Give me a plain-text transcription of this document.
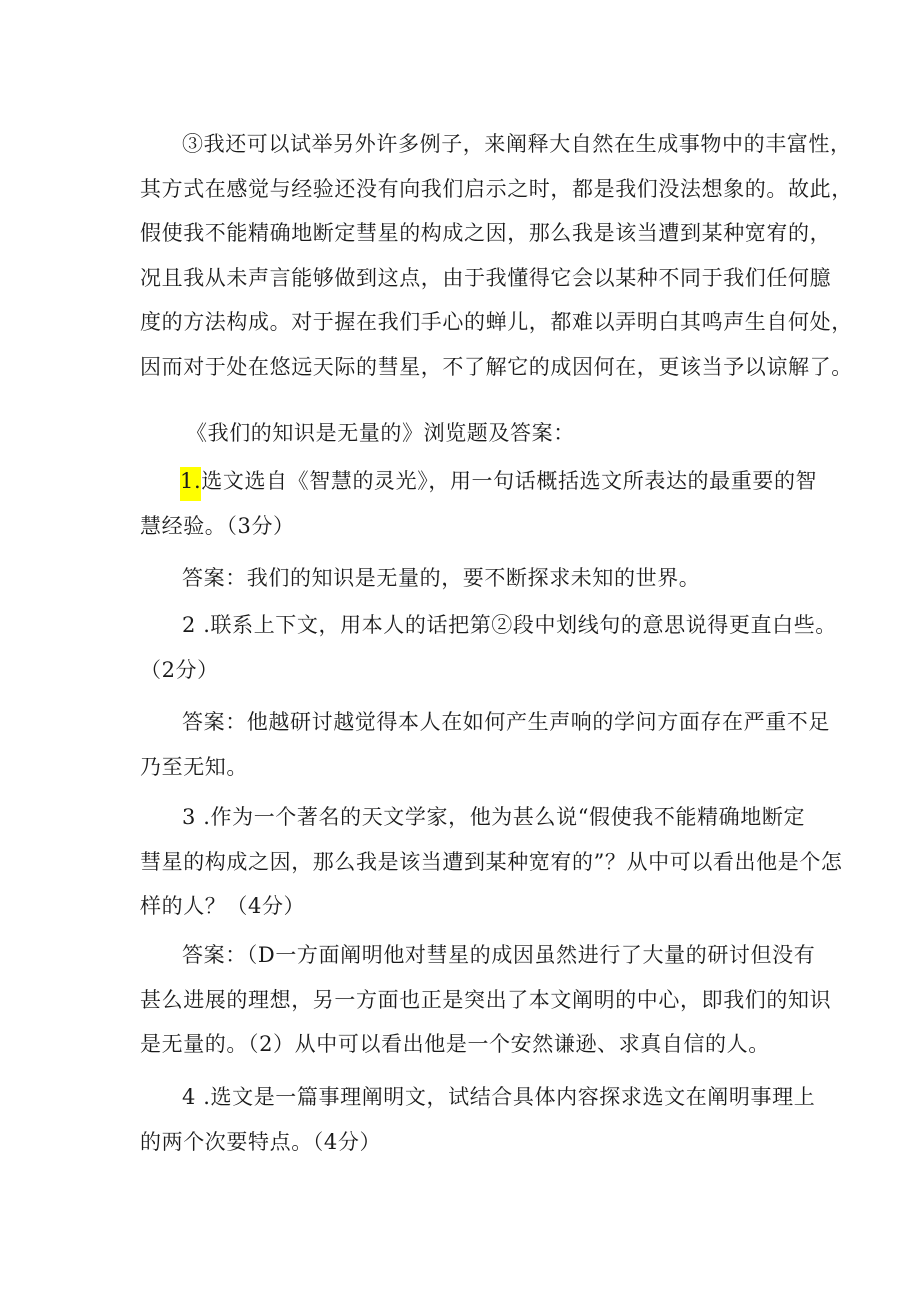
③我还可以试举另外许多例子，来阐释大自然在生成事物中的丰富性，
其方式在感觉与经验还没有向我们启示之时，都是我们没法想象的。故此，
假使我不能精确地断定彗星的构成之因，那么我是该当遭到某种宽宥的，
况且我从未声言能够做到这点，由于我懂得它会以某种不同于我们任何臆
度的方法构成。对于握在我们手心的蝉儿，都难以弄明白其鸣声生自何处，
因而对于处在悠远天际的彗星，不了解它的成因何在，更该当予以谅解了。
《我们的知识是无量的》浏览题及答案：
1.选文选自《智慧的灵光》，用一句话概括选文所表达的最重要的智
慧经验。（3分）
答案：我们的知识是无量的，要不断探求未知的世界。
2 .联系上下文，用本人的话把第②段中划线句的意思说得更直白些。
（2分）
答案：他越研讨越觉得本人在如何产生声响的学问方面存在严重不足
乃至无知。
3 .作为一个著名的天文学家，他为甚么说“假使我不能精确地断定
彗星的构成之因，那么我是该当遭到某种宽宥的”？从中可以看出他是个怎
样的人？（4分）
答案：（D一方面阐明他对彗星的成因虽然进行了大量的研讨但没有
甚么进展的理想，另一方面也正是突出了本文阐明的中心，即我们的知识
是无量的。（2）从中可以看出他是一个安然谦逊、求真自信的人。
4 .选文是一篇事理阐明文，试结合具体内容探求选文在阐明事理上
的两个次要特点。（4分）
